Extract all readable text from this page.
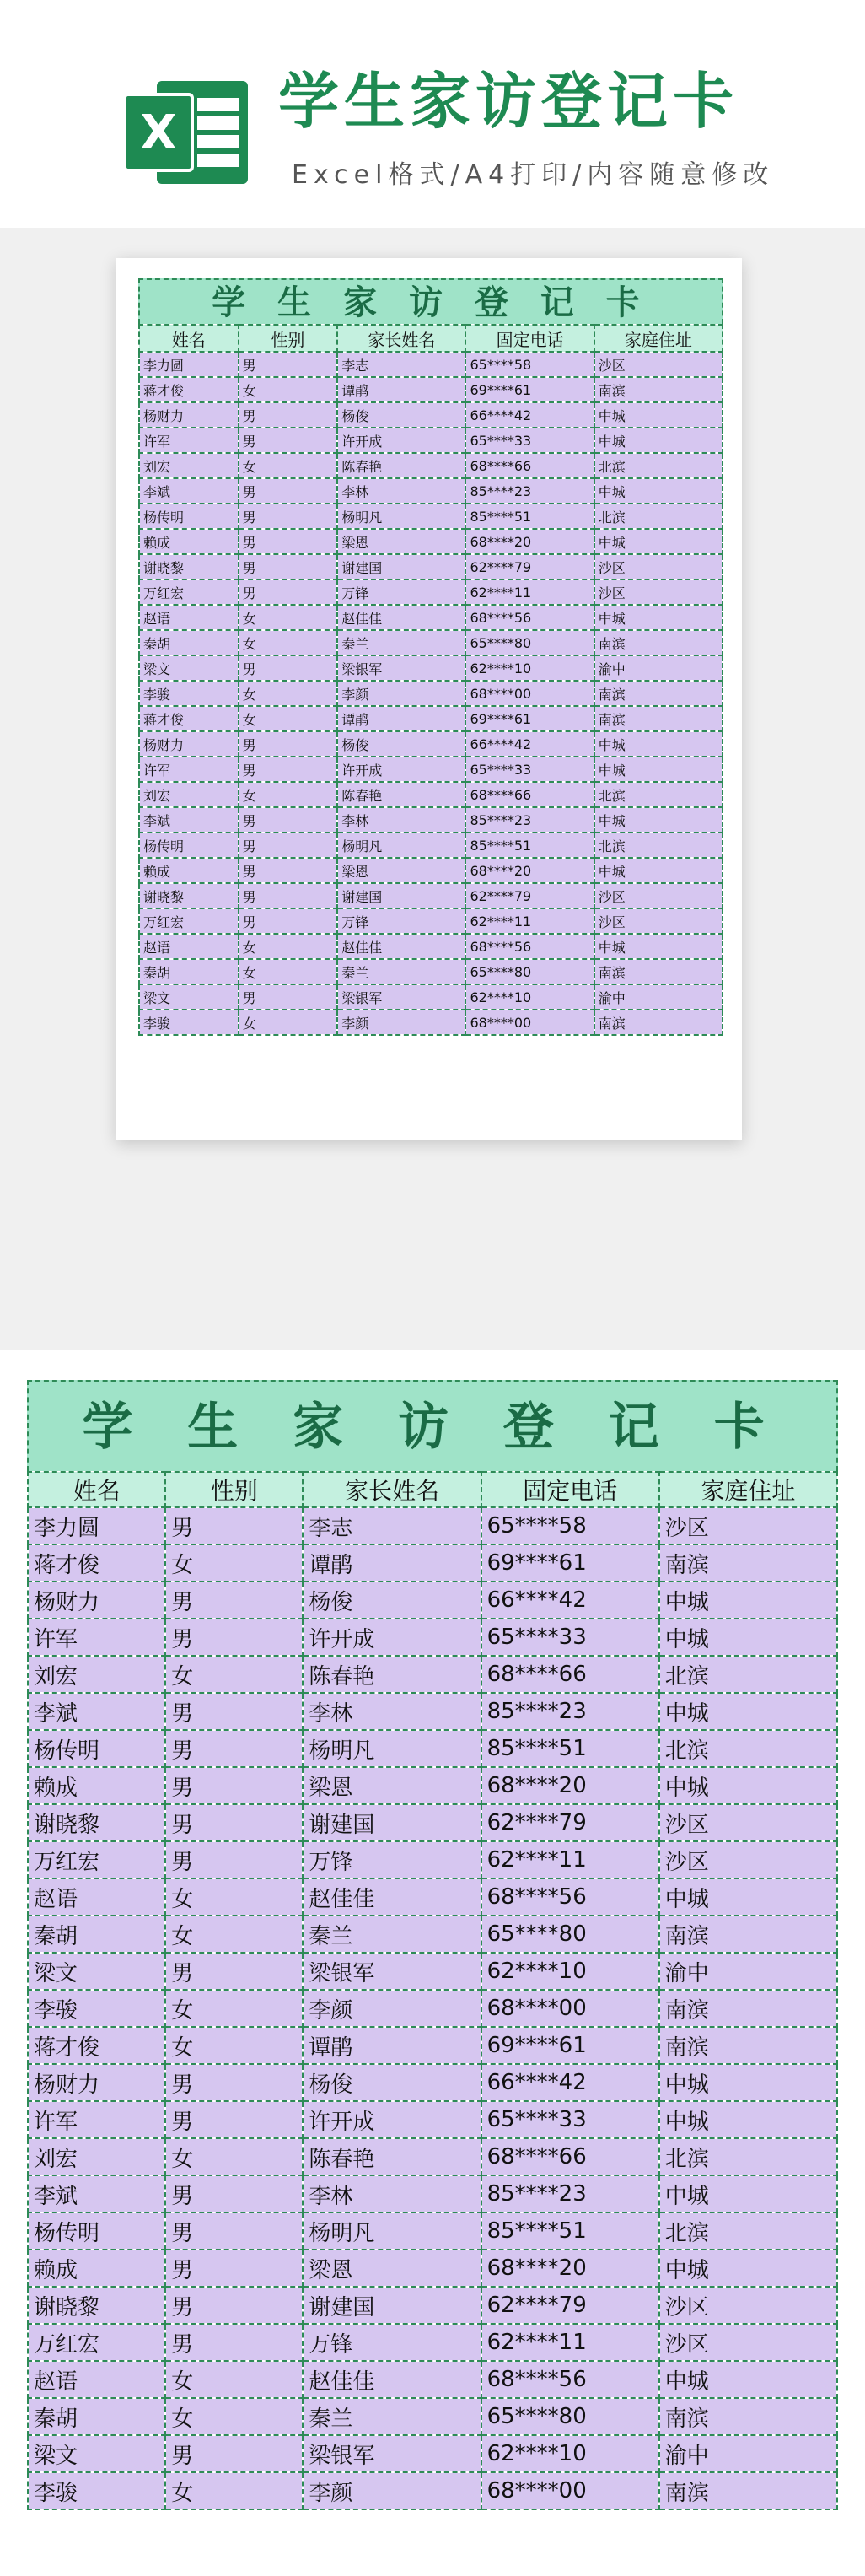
X 学生家访登记卡
Excel格式/A4打印/内容随意修改
学 生 家 访 登 记 卡
姓名	性别	家长姓名	固定电话	家庭住址
李力圆	男	李志	65****58	沙区
蒋才俊	女	谭鹃	69****61	南滨
杨财力	男	杨俊	66****42	中城
许军	男	许开成	65****33	中城
刘宏	女	陈春艳	68****66	北滨
李斌	男	李林	85****23	中城
杨传明	男	杨明凡	85****51	北滨
赖成	男	梁恩	68****20	中城
谢晓黎	男	谢建国	62****79	沙区
万红宏	男	万锋	62****11	沙区
赵语	女	赵佳佳	68****56	中城
秦胡	女	秦兰	65****80	南滨
梁文	男	梁银军	62****10	渝中
李骏	女	李颜	68****00	南滨
蒋才俊	女	谭鹃	69****61	南滨
杨财力	男	杨俊	66****42	中城
许军	男	许开成	65****33	中城
刘宏	女	陈春艳	68****66	北滨
李斌	男	李林	85****23	中城
杨传明	男	杨明凡	85****51	北滨
赖成	男	梁恩	68****20	中城
谢晓黎	男	谢建国	62****79	沙区
万红宏	男	万锋	62****11	沙区
赵语	女	赵佳佳	68****56	中城
秦胡	女	秦兰	65****80	南滨
梁文	男	梁银军	62****10	渝中
李骏	女	李颜	68****00	南滨
学 生 家 访 登 记 卡
姓名	性别	家长姓名	固定电话	家庭住址
李力圆	男	李志	65****58	沙区
蒋才俊	女	谭鹃	69****61	南滨
杨财力	男	杨俊	66****42	中城
许军	男	许开成	65****33	中城
刘宏	女	陈春艳	68****66	北滨
李斌	男	李林	85****23	中城
杨传明	男	杨明凡	85****51	北滨
赖成	男	梁恩	68****20	中城
谢晓黎	男	谢建国	62****79	沙区
万红宏	男	万锋	62****11	沙区
赵语	女	赵佳佳	68****56	中城
秦胡	女	秦兰	65****80	南滨
梁文	男	梁银军	62****10	渝中
李骏	女	李颜	68****00	南滨
蒋才俊	女	谭鹃	69****61	南滨
杨财力	男	杨俊	66****42	中城
许军	男	许开成	65****33	中城
刘宏	女	陈春艳	68****66	北滨
李斌	男	李林	85****23	中城
杨传明	男	杨明凡	85****51	北滨
赖成	男	梁恩	68****20	中城
谢晓黎	男	谢建国	62****79	沙区
万红宏	男	万锋	62****11	沙区
赵语	女	赵佳佳	68****56	中城
秦胡	女	秦兰	65****80	南滨
梁文	男	梁银军	62****10	渝中
李骏	女	李颜	68****00	南滨
